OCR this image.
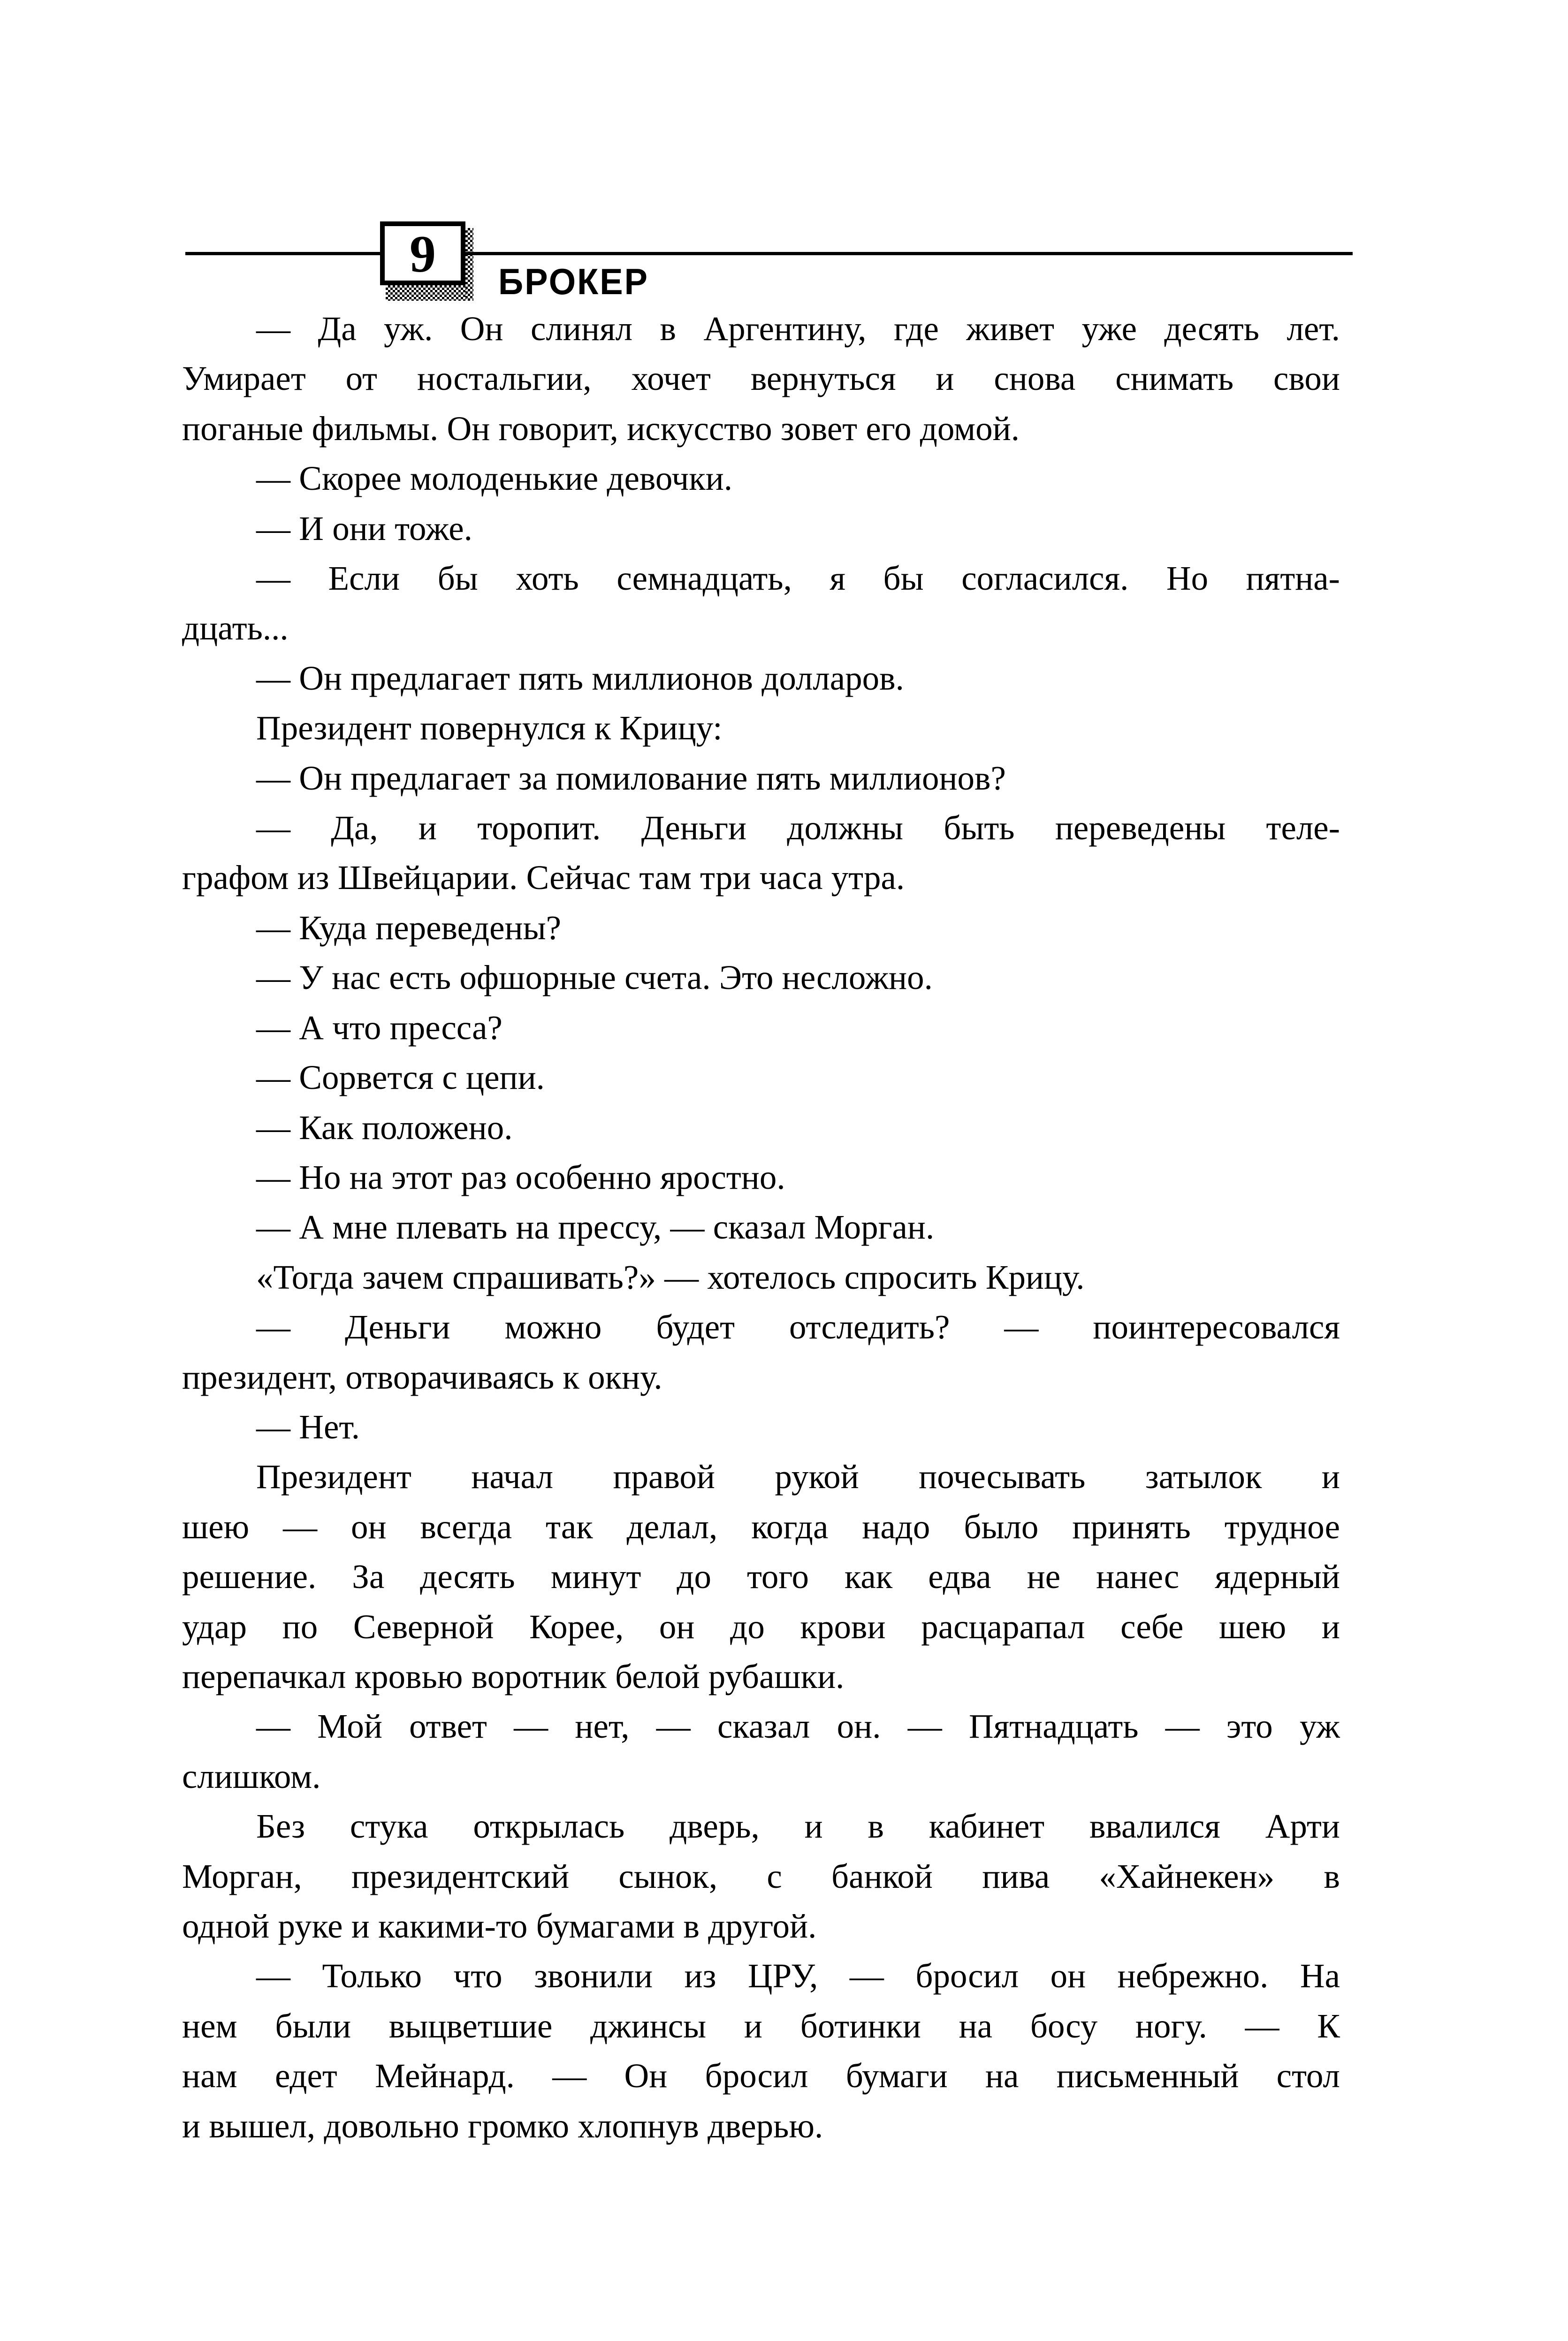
9 БРОКЕР
— Да уж. Он слинял в Аргентину, где живет уже десять лет.
Умирает от ностальгии, хочет вернуться и снова снимать свои
поганые фильмы. Он говорит, искусство зовет его домой.
— Скорее молоденькие девочки.
— И они тоже.
— Если бы хоть семнадцать, я бы согласился. Но пятна-
дцать...
— Он предлагает пять миллионов долларов.
Президент повернулся к Крицу:
— Он предлагает за помилование пять миллионов?
— Да, и торопит. Деньги должны быть переведены теле-
графом из Швейцарии. Сейчас там три часа утра.
— Куда переведены?
— У нас есть офшорные счета. Это несложно.
— А что пресса?
— Сорвется с цепи.
— Как положено.
— Но на этот раз особенно яростно.
— А мне плевать на прессу, — сказал Морган.
«Тогда зачем спрашивать?» — хотелось спросить Крицу.
— Деньги можно будет отследить? — поинтересовался
президент, отворачиваясь к окну.
— Нет.
Президент начал правой рукой почесывать затылок и
шею — он всегда так делал, когда надо было принять трудное
решение. За десять минут до того как едва не нанес ядерный
удар по Северной Корее, он до крови расцарапал себе шею и
перепачкал кровью воротник белой рубашки.
— Мой ответ — нет, — сказал он. — Пятнадцать — это уж
слишком.
Без стука открылась дверь, и в кабинет ввалился Арти
Морган, президентский сынок, с банкой пива «Хайнекен» в
одной руке и какими-то бумагами в другой.
— Только что звонили из ЦРУ, — бросил он небрежно. На
нем были выцветшие джинсы и ботинки на босу ногу. — К
нам едет Мейнард. — Он бросил бумаги на письменный стол
и вышел, довольно громко хлопнув дверью.
